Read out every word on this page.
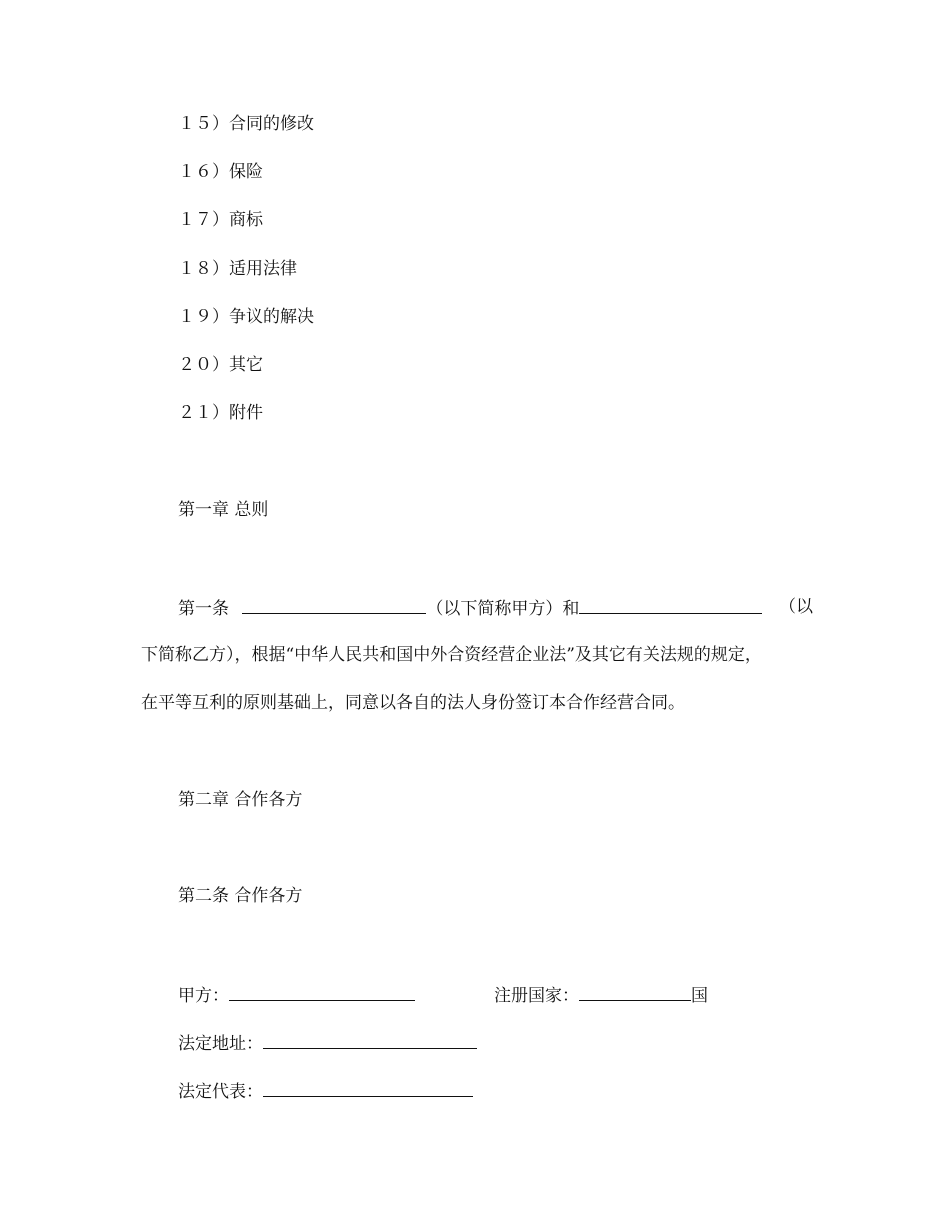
１５）合同的修改
１６）保险
１７）商标
１８）适用法律
１９）争议的解决
２０）其它
２１）附件
第一章 总则
第一条	（以下简称甲方）和	（以
下简称乙方），根据“中华人民共和国中外合资经营企业法”及其它有关法规的规定，
在平等互利的原则基础上，同意以各自的法人身份签订本合作经营合同。
第二章 合作各方
第二条 合作各方
甲方：	注册国家：	国
法定地址：
法定代表：
